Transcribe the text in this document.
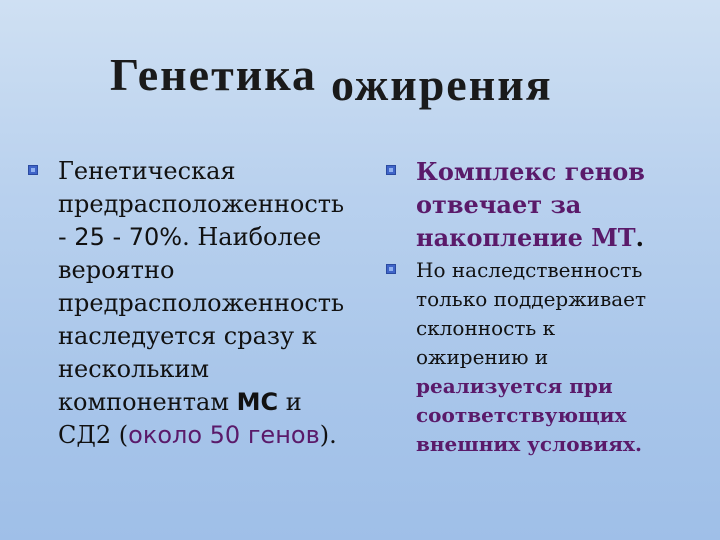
Генетика ожирения
Генетическая
предрасположенность
- 25 - 70%. Наиболее
вероятно
предрасположенность
наследуется сразу к
нескольким
компонентам МС и
СД2 (около 50 генов).
Комплекс генов
отвечает за
накопление МТ.
Но наследственность
только поддерживает
склонность к
ожирению и
реализуется при
соответствующих
внешних условиях.
